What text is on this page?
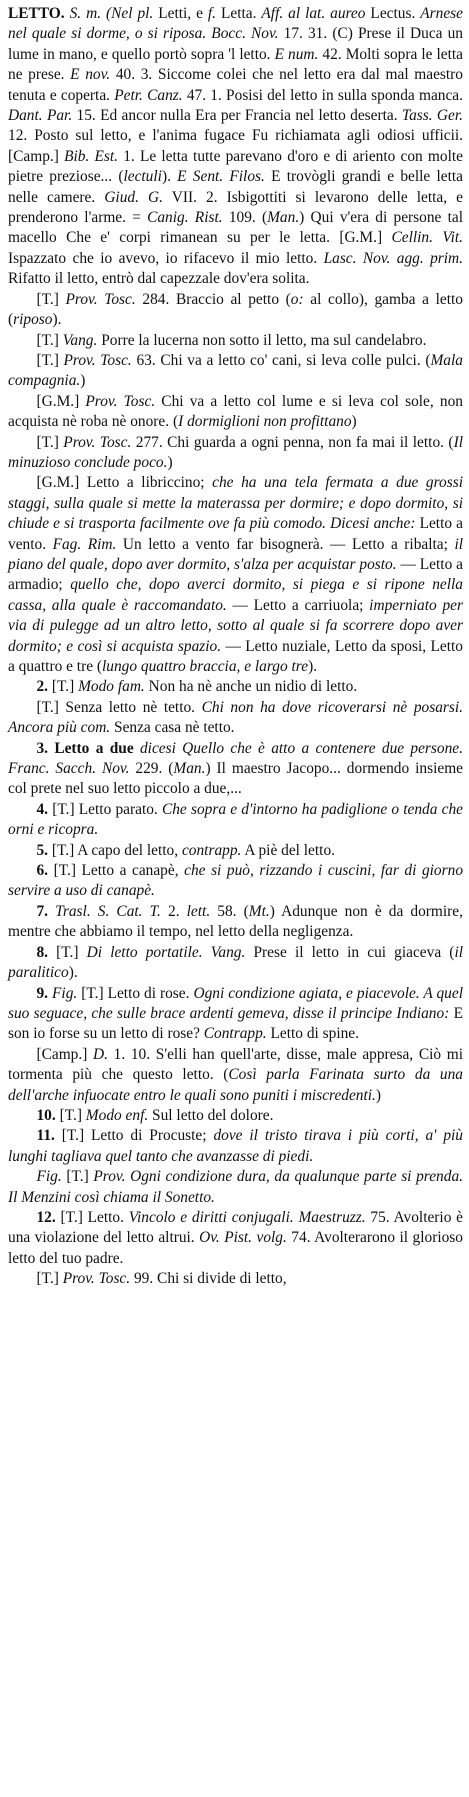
LETTO. S. m. (Nel pl. Letti, e f. Letta. Aff. al lat. aureo Lectus. Arnese nel quale si dorme, o si riposa. Bocc. Nov. 17. 31. (C) Prese il Duca un lume in mano, e quello portò sopra 'l letto. E num. 42. Molti sopra le letta ne prese. E nov. 40. 3. Siccome colei che nel letto era dal mal maestro tenuta e coperta. Petr. Canz. 47. 1. Posisi del letto in sulla sponda manca. Dant. Par. 15. Ed ancor nulla Era per Francia nel letto deserta. Tass. Ger. 12. Posto sul letto, e l'anima fugace Fu richiamata agli odiosi ufficii. [Camp.] Bib. Est. 1. Le letta tutte parevano d'oro e di ariento con molte pietre preziose... (lectuli). E Sent. Filos. E trovògli grandi e belle letta nelle camere. Giud. G. VII. 2. Isbigottiti si levarono delle letta, e prenderono l'arme. = Canig. Rist. 109. (Man.) Qui v'era di persone tal macello Che e' corpi rimanean su per le letta. [G.M.] Cellin. Vit. Ispazzato che io avevo, io rifacevo il mio letto. Lasc. Nov. agg. prim. Rifatto il letto, entrò dal capezzale dov'era solita.

[T.] Prov. Tosc. 284. Braccio al petto (o: al collo), gamba a letto (riposo).

[T.] Vang. Porre la lucerna non sotto il letto, ma sul candelabro.

[T.] Prov. Tosc. 63. Chi va a letto co' cani, si leva colle pulci. (Mala compagnia.)

[G.M.] Prov. Tosc. Chi va a letto col lume e si leva col sole, non acquista nè roba nè onore. (I dormiglioni non profittano)

[T.] Prov. Tosc. 277. Chi guarda a ogni penna, non fa mai il letto. (Il minuzioso conclude poco.)

[G.M.] Letto a libriccino; che ha una tela fermata a due grossi staggi, sulla quale si mette la materassa per dormire; e dopo dormito, si chiude e si trasporta facilmente ove fa più comodo. Dicesi anche: Letto a vento. Fag. Rim. Un letto a vento far bisognerà. — Letto a ribalta; il piano del quale, dopo aver dormito, s'alza per acquistar posto. — Letto a armadio; quello che, dopo averci dormito, si piega e si ripone nella cassa, alla quale è raccomandato. — Letto a carriuola; imperniato per via di pulegge ad un altro letto, sotto al quale si fa scorrere dopo aver dormito; e così si acquista spazio. — Letto nuziale, Letto da sposi, Letto a quattro e tre (lungo quattro braccia, e largo tre).

2. [T.] Modo fam. Non ha nè anche un nidio di letto.

[T.] Senza letto nè tetto. Chi non ha dove ricoverarsi nè posarsi. Ancora più com. Senza casa nè tetto.

3. Letto a due dicesi Quello che è atto a contenere due persone. Franc. Sacch. Nov. 229. (Man.) Il maestro Jacopo... dormendo insieme col prete nel suo letto piccolo a due,...

4. [T.] Letto parato. Che sopra e d'intorno ha padiglione o tenda che orni e ricopra.

5. [T.] A capo del letto, contrapp. A piè del letto.

6. [T.] Letto a canapè, che si può, rizzando i cuscini, far di giorno servire a uso di canapè.

7. Trasl. S. Cat. T. 2. lett. 58. (Mt.) Adunque non è da dormire, mentre che abbiamo il tempo, nel letto della negligenza.

8. [T.] Di letto portatile. Vang. Prese il letto in cui giaceva (il paralitico).

9. Fig. [T.] Letto di rose. Ogni condizione agiata, e piacevole. A quel suo seguace, che sulle brace ardenti gemeva, disse il principe Indiano: E son io forse su un letto di rose? Contrapp. Letto di spine.

[Camp.] D. 1. 10. S'elli han quell'arte, disse, male appresa, Ciò mi tormenta più che questo letto. (Così parla Farinata surto da una dell'arche infuocate entro le quali sono puniti i miscredenti.)

10. [T.] Modo enf. Sul letto del dolore.

11. [T.] Letto di Procuste; dove il tristo tirava i più corti, a' più lunghi tagliava quel tanto che avanzasse di piedi.

Fig. [T.] Prov. Ogni condizione dura, da qualunque parte si prenda. Il Menzini così chiama il Sonetto.

12. [T.] Letto. Vincolo e diritti conjugali. Maestruzz. 75. Avolterio è una violazione del letto altrui. Ov. Pist. volg. 74. Avolterarono il glorioso letto del tuo padre.

[T.] Prov. Tosc. 99. Chi si divide di letto,
